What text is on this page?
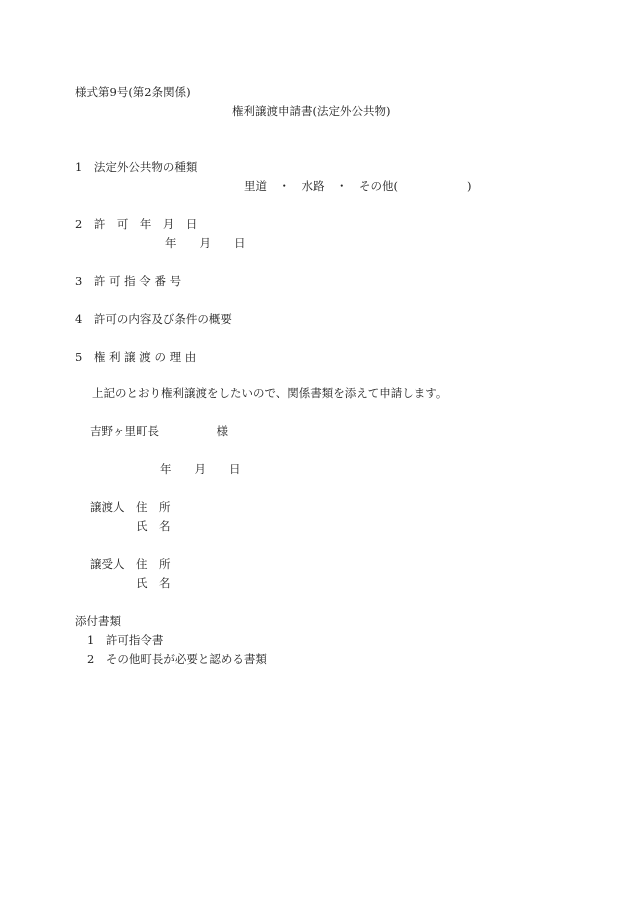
様式第9号(第2条関係)
権利譲渡申請書(法定外公共物)
1　法定外公共物の種類
里道　・　水路　・　その他(　　　　　　)
2　許　可　年　月　日
年　　月　　日
3　許 可 指 令 番 号
4　許可の内容及び条件の概要
5　権 利 譲 渡 の 理 由
上記のとおり権利譲渡をしたいので、関係書類を添えて申請します。
吉野ヶ里町長　　　　　様
年　　月　　日
譲渡人 住　所
氏　名
譲受人 住　所
氏　名
添付書類
1　許可指令書
2　その他町長が必要と認める書類
